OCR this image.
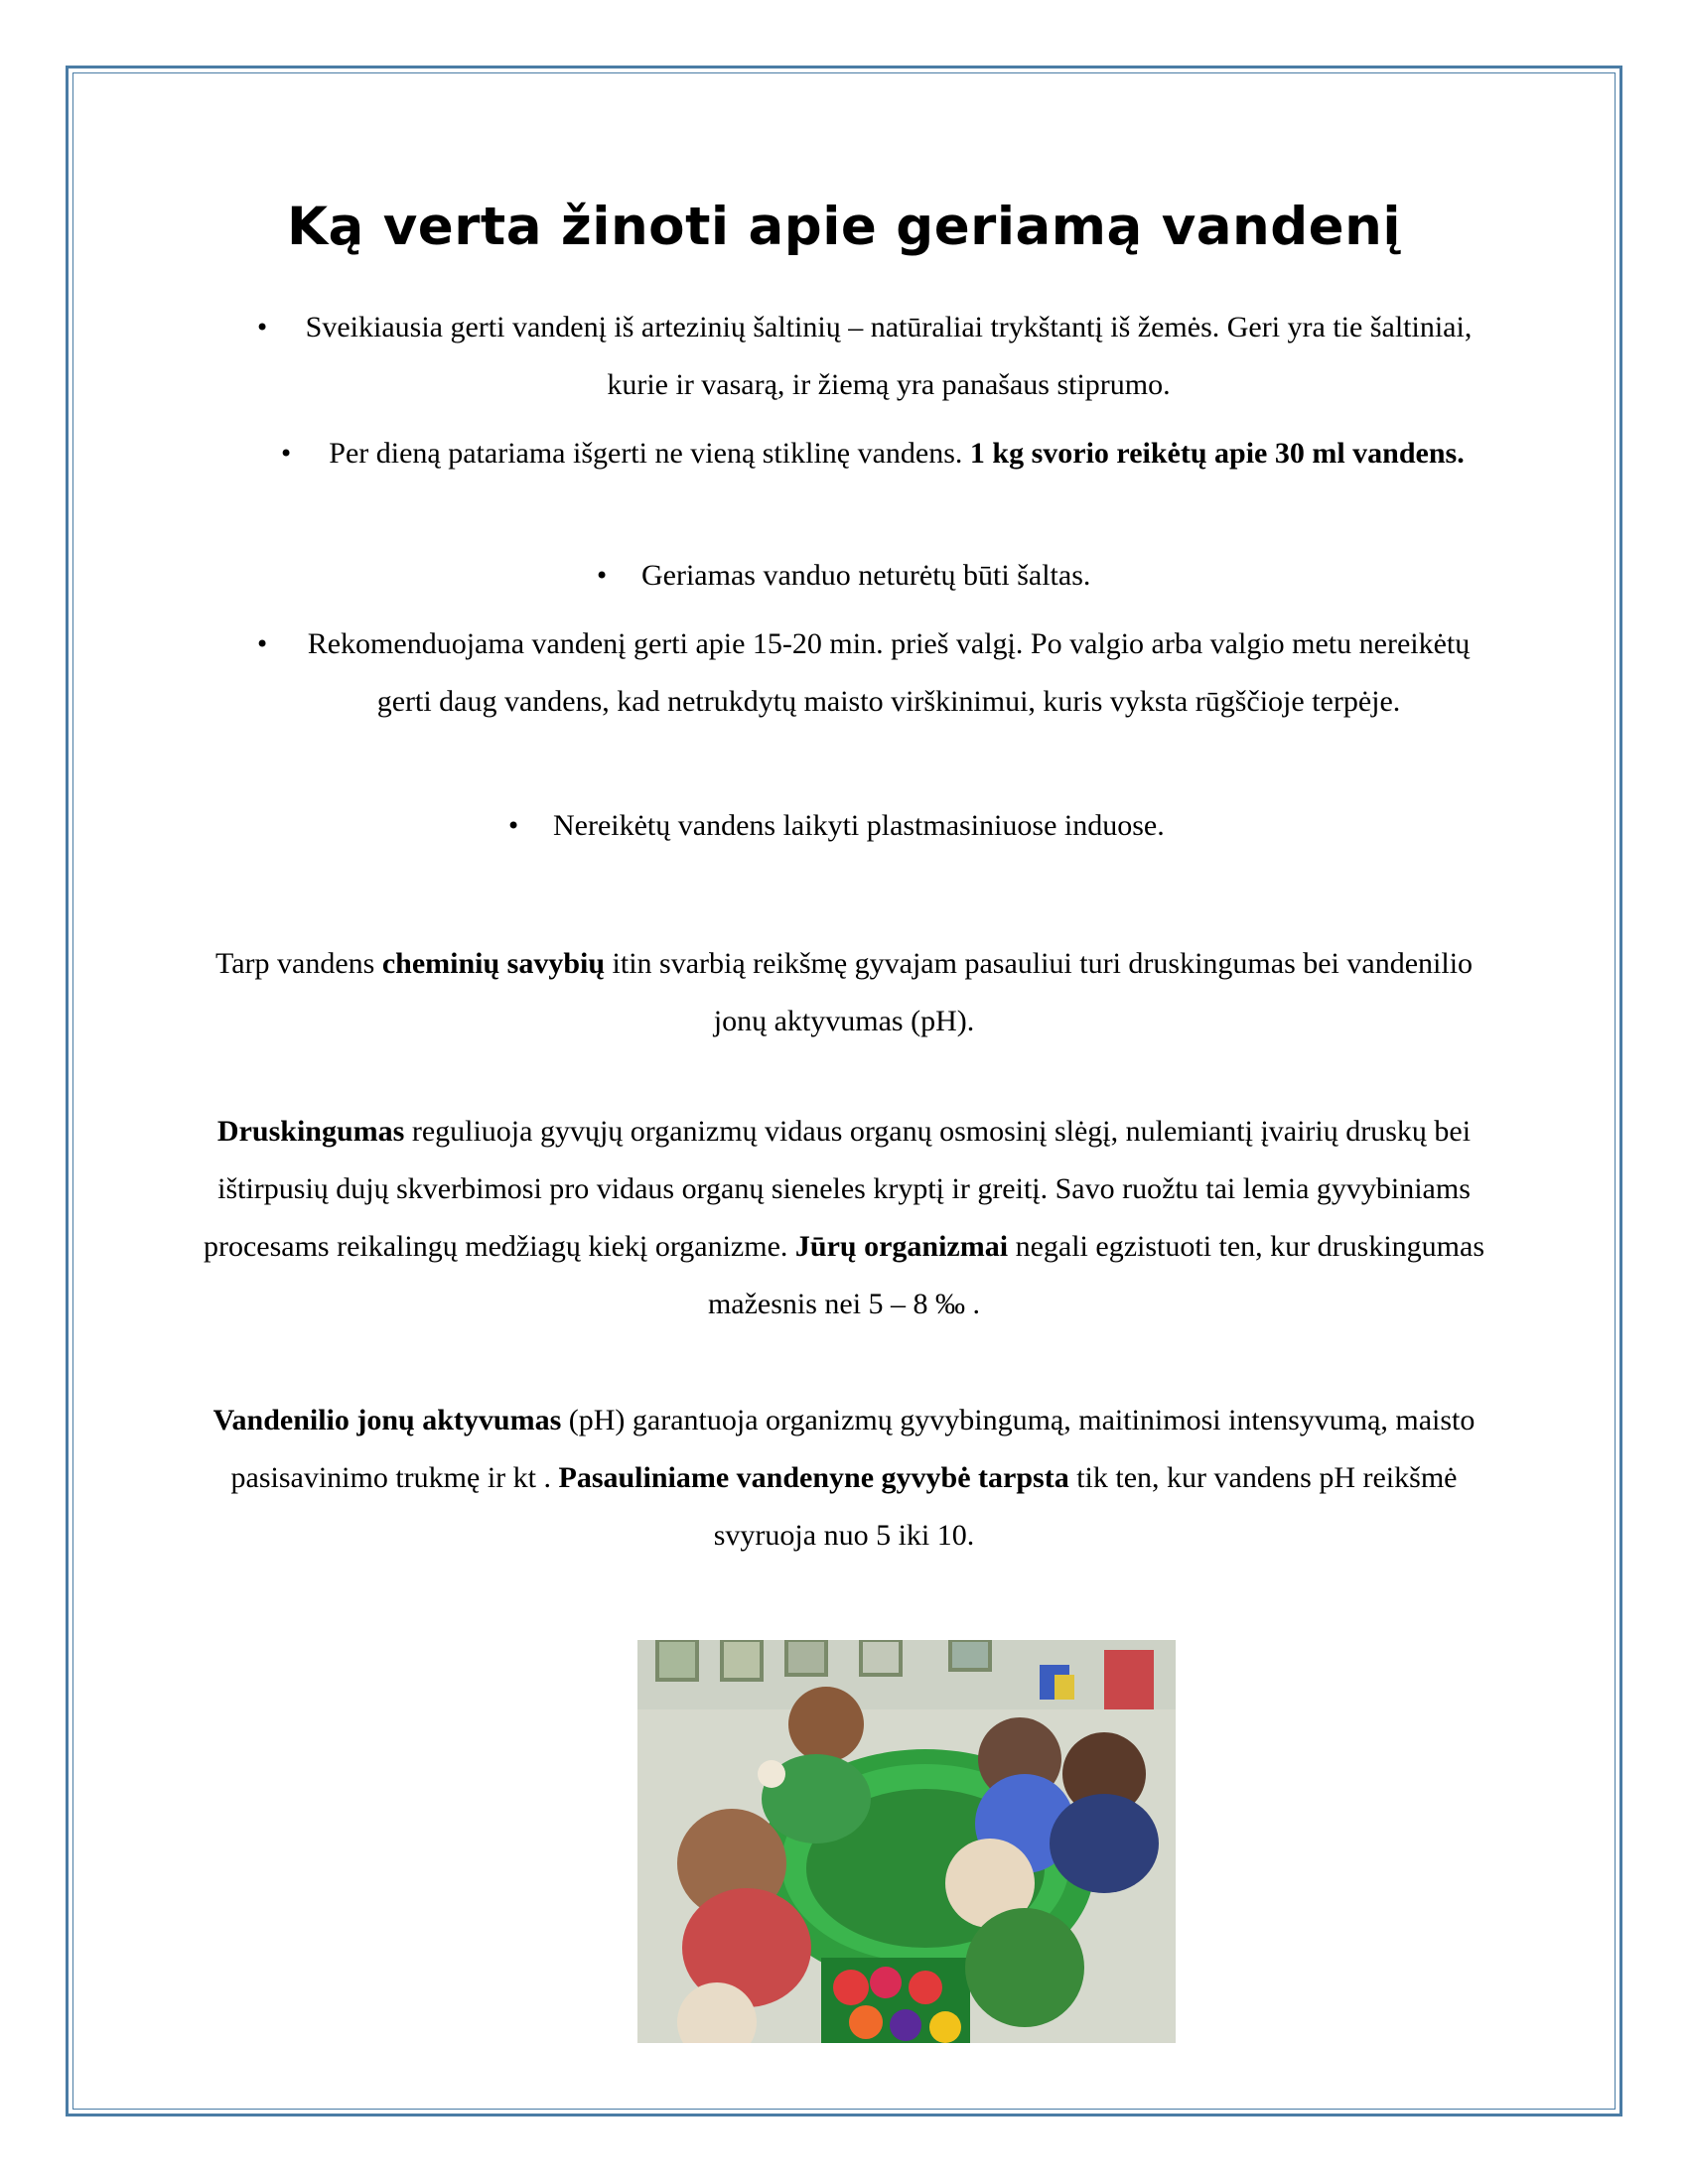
Ką verta žinoti apie geriamą vandenį
• Sveikiausia gerti vandenį iš artezinių šaltinių – natūraliai trykštantį iš žemės. Geri yra tie šaltiniai, kurie ir vasarą, ir žiemą yra panašaus stiprumo.
• Per dieną patariama išgerti ne vieną stiklinę vandens. 1 kg svorio reikėtų apie 30 ml vandens.
• Geriamas vanduo neturėtų būti šaltas.
• Rekomenduojama vandenį gerti apie 15-20 min. prieš valgį. Po valgio arba valgio metu nereikėtų gerti daug vandens, kad netrukdytų maisto virškinimui, kuris vyksta rūgščioje terpėje.
• Nereikėtų vandens laikyti plastmasiniuose induose.

Tarp vandens cheminių savybių itin svarbią reikšmę gyvajam pasauliui turi druskingumas bei vandenilio jonų aktyvumas (pH).

Druskingumas reguliuoja gyvųjų organizmų vidaus organų osmosinį slėgį, nulemiantį įvairių druskų bei ištirpusių dujų skverbimosi pro vidaus organų sieneles kryptį ir greitį. Savo ruožtu tai lemia gyvybiniams procesams reikalingų medžiagų kiekį organizme. Jūrų organizmai negali egzistuoti ten, kur druskingumas mažesnis nei 5 – 8 ‰ .

Vandenilio jonų aktyvumas (pH) garantuoja organizmų gyvybingumą, maitinimosi intensyvumą, maisto pasisavinimo trukmę ir kt . Pasauliniame vandenyne gyvybė tarpsta tik ten, kur vandens pH reikšmė svyruoja nuo 5 iki 10.
